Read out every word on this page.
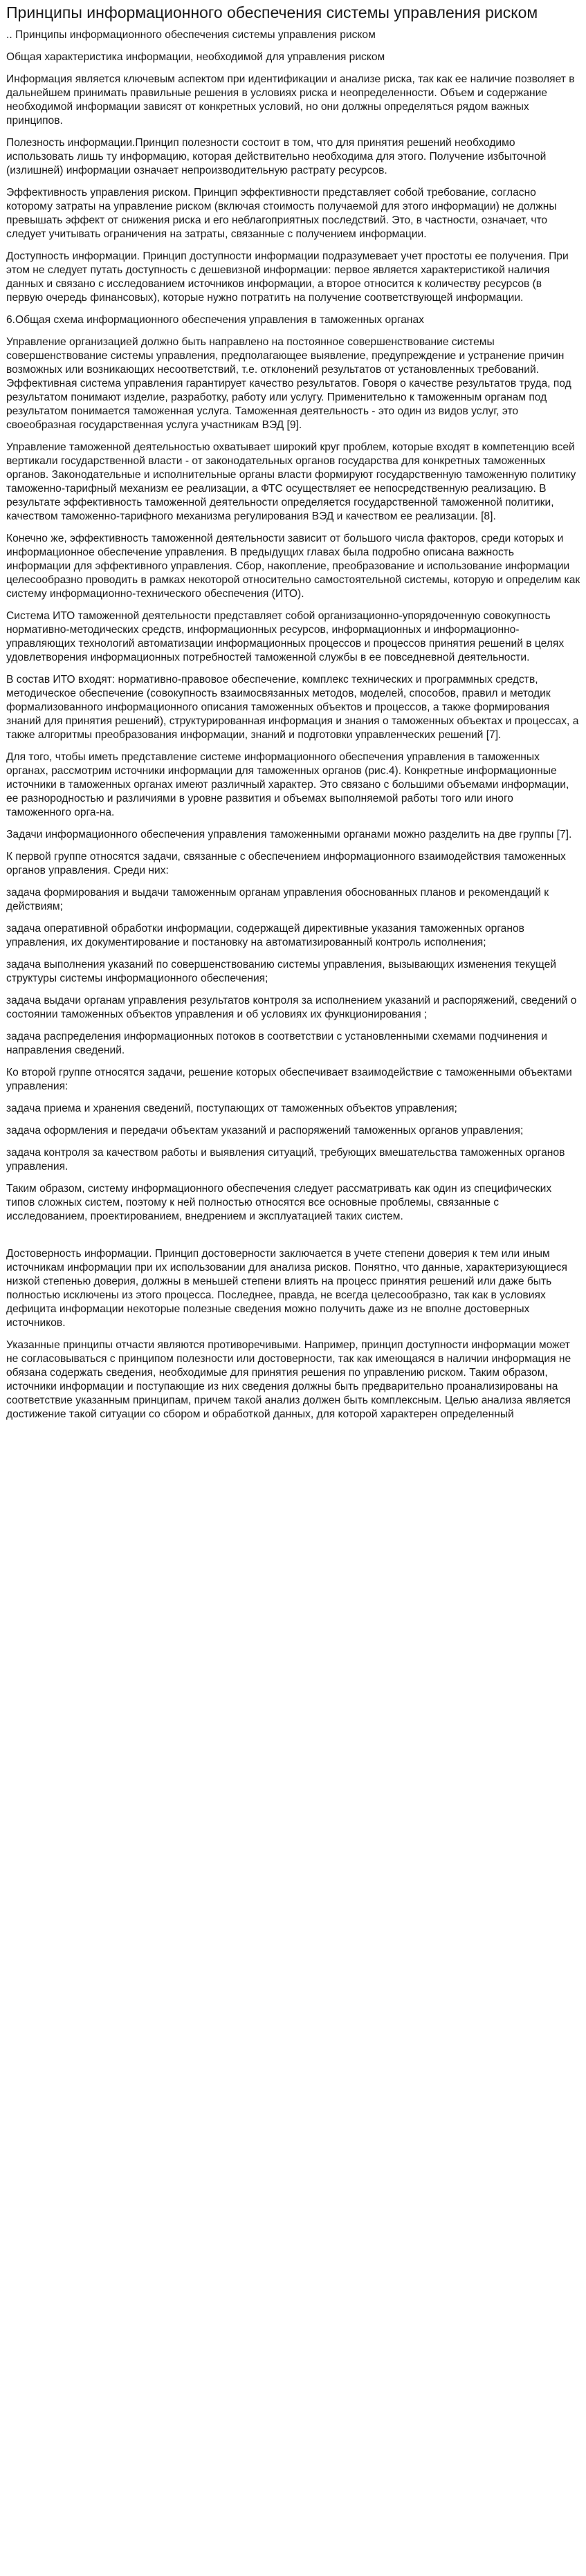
Принципы информационного обеспечения системы управления риском

.. Принципы информационного обеспечения системы управления риском

Общая характеристика информации, необходимой для управления риском

Информация является ключевым аспектом при идентификации и анализе риска, так как ее наличие позволяет в дальнейшем принимать правильные решения в условиях риска и неопределенности. Объем и содержание необходимой информации зависят от конкретных условий, но они должны определяться рядом важных принципов.

Полезность информации.Принцип полезности состоит в том, что для принятия решений необходимо использовать лишь ту информацию, которая действительно необходима для этого. Получение избыточной (излишней) информации означает непроизводительную растрату ресурсов.

Эффективность управления риском. Принцип эффективности представляет собой требование, согласно которому затраты на управление риском (включая стоимость получаемой для этого информации) не должны превышать эффект от снижения риска и его неблагоприятных последствий. Это, в частности, означает, что следует учитывать ограничения на затраты, связанные с получением информации.

Доступность информации. Принцип доступности информации подразумевает учет простоты ее получения. При этом не следует путать доступность с дешевизной информации: первое является характеристикой наличия данных и связано с исследованием источников информации, а второе относится к количеству ресурсов (в первую очередь финансовых), которые нужно потратить на получение соответствующей информации.

6.Общая схема информационного обеспечения управления в таможенных органах

Управление организацией должно быть направлено на постоянное совершенствование системы совершенствование системы управления, предполагающее выявление, предупреждение и устранение причин возможных или возникающих несоответствий, т.е. отклонений результатов от установленных требований. Эффективная система управления гарантирует качество результатов. Говоря о качестве результатов труда, под результатом понимают изделие, разработку, работу или услугу. Применительно к таможенным органам под результатом понимается таможенная услуга. Таможенная деятельность - это один из видов услуг, это своеобразная государственная услуга участникам ВЭД [9].

Управление таможенной деятельностью охватывает широкий круг проблем, которые входят в компетенцию всей вертикали государственной власти - от законодательных органов государства для конкретных таможенных органов. Законодательные и исполнительные органы власти формируют государственную таможенную политику таможенно-тарифный механизм ее реализации, а ФТС осуществляет ее непосредственную реализацию. В результате эффективность таможенной деятельности определяется государственной таможенной политики, качеством таможенно-тарифного механизма регулирования ВЭД и качеством ее реализации. [8].

Конечно же, эффективность таможенной деятельности зависит от большого числа факторов, среди которых и информационное обеспечение управления. В предыдущих главах была подробно описана важность информации для эффективного управления. Сбор, накопление, преобразование и использование информации целесообразно проводить в рамках некоторой относительно самостоятельной системы, которую и определим как систему информационно-технического обеспечения (ИТО).

Система ИТО таможенной деятельности представляет собой организационно-упорядоченную совокупность нормативно-методических средств, информационных ресурсов, информационных и информационно-управляющих технологий автоматизации информационных процессов и процессов принятия решений в целях удовлетворения информационных потребностей таможенной службы в ее повседневной деятельности.

В состав ИТО входят: нормативно-правовое обеспечение, комплекс технических и программных средств, методическое обеспечение (совокупность взаимосвязанных методов, моделей, способов, правил и методик формализованного информационного описания таможенных объектов и процессов, а также формирования знаний для принятия решений), структурированная информация и знания о таможенных объектах и процессах, а также алгоритмы преобразования информации, знаний и подготовки управленческих решений [7].

Для того, чтобы иметь представление системе информационного обеспечения управления в таможенных органах, рассмотрим источники информации для таможенных органов (рис.4). Конкретные информационные источники в таможенных органах имеют различный характер. Это связано с большими объемами информации, ее разнородностью и различиями в уровне развития и объемах выполняемой работы того или иного таможенного орга-на.

Задачи информационного обеспечения управления таможенными органами можно разделить на две группы [7].

К первой группе относятся задачи, связанные с обеспечением информационного взаимодействия таможенных органов управления. Среди них:

задача формирования и выдачи таможенным органам управления обоснованных планов и рекомендаций к действиям;

задача оперативной обработки информации, содержащей директивные указания таможенных органов управления, их документирование и постановку на автоматизированный контроль исполнения;

задача выполнения указаний по совершенствованию системы управления, вызывающих изменения текущей структуры системы информационного обеспечения;

задача выдачи органам управления результатов контроля за исполнением указаний и распоряжений, сведений о состоянии таможенных объектов управления и об условиях их функционирования ;

задача распределения информационных потоков в соответствии с установленными схемами подчинения и направления сведений.

Ко второй группе относятся задачи, решение которых обеспечивает взаимодействие с таможенными объектами управления:

задача приема и хранения сведений, поступающих от таможенных объектов управления;

задача оформления и передачи объектам указаний и распоряжений таможенных органов управления;

задача контроля за качеством работы и выявления ситуаций, требующих вмешательства таможенных органов управления.

Таким образом, систему информационного обеспечения следует рассматривать как один из специфических типов сложных систем, поэтому к ней полностью относятся все основные проблемы, связанные с исследованием, проектированием, внедрением и эксплуатацией таких систем.

Достоверность информации. Принцип достоверности заключается в учете степени доверия к тем или иным источникам информации при их использовании для анализа рисков. Понятно, что данные, характеризующиеся низкой степенью доверия, должны в меньшей степени влиять на процесс принятия решений или даже быть полностью исключены из этого процесса. Последнее, правда, не всегда целесообразно, так как в условиях дефицита информации некоторые полезные сведения можно получить даже из не вполне достоверных источников.

Указанные принципы отчасти являются противоречивыми. Например, принцип доступности информации может не согласовываться с принципом полезности или достоверности, так как имеющаяся в наличии информация не обязана содержать сведения, необходимые для принятия решения по управлению риском. Таким образом, источники информации и поступающие из них сведения должны быть предварительно проанализированы на соответствие указанным принципам, причем такой анализ должен быть комплексным. Целью анализа является достижение такой ситуации со сбором и обработкой данных, для которой характерен определенный
